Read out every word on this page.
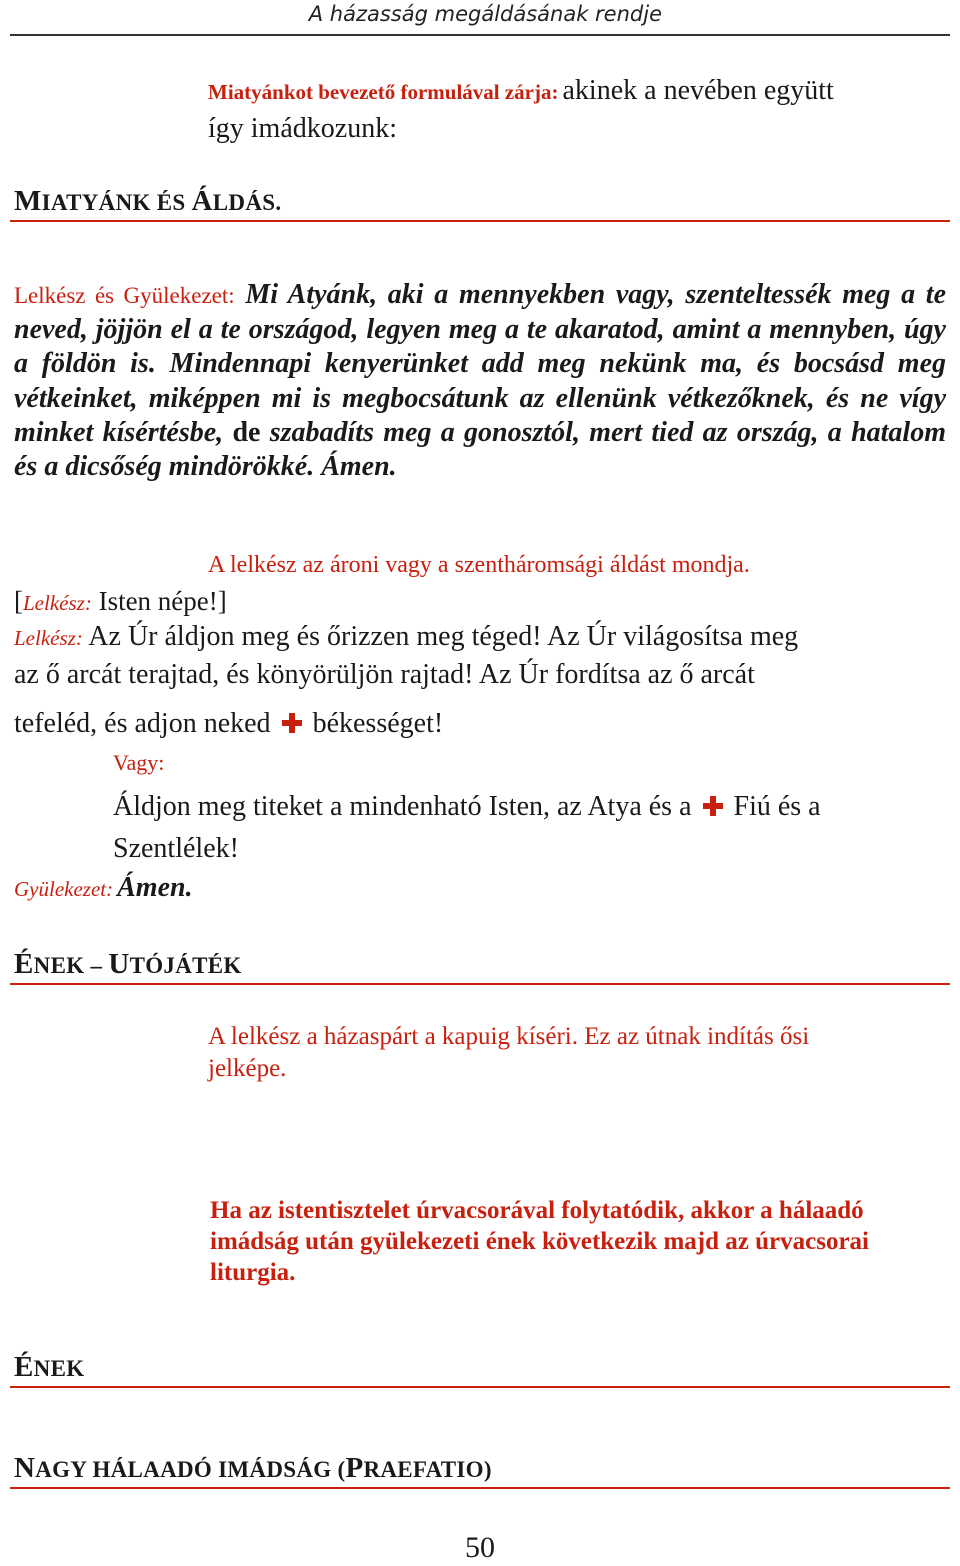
A házasság megáldásának rendje
Miatyánkot bevezető formulával zárja: akinek a nevében együtt
így imádkozunk:
MIATYÁNK ÉS ÁLDÁS.
Lelkész és Gyülekezet: Mi Atyánk, aki a mennyekben vagy, szenteltessék meg a te neved, jöjjön el a te országod, legyen meg a te akaratod, amint a mennyben, úgy a földön is. Mindennapi kenyerünket add meg nekünk ma, és bocsásd meg vétkeinket, miképpen mi is megbocsátunk az ellenünk vétkezőknek, és ne vígy minket kísértésbe, de szabadíts meg a gonosztól, mert tied az ország, a hatalom és a dicsőség mindörökké. Ámen.
A lelkész az ároni vagy a szentháromsági áldást mondja.
[Lelkész: Isten népe!]
Lelkész: Az Úr áldjon meg és őrizzen meg téged! Az Úr világosítsa meg
az ő arcát terajtad, és könyörüljön rajtad! Az Úr fordítsa az ő arcát
tefeléd, és adjon neked békességet!
Vagy:
Áldjon meg titeket a mindenható Isten, az Atya és a Fiú és a
Szentlélek!
Gyülekezet: Ámen.
ÉNEK – UTÓJÁTÉK
A lelkész a házaspárt a kapuig kíséri. Ez az útnak indítás ősi
jelképe.
Ha az istentisztelet úrvacsorával folytatódik, akkor a hálaadó
imádság után gyülekezeti ének következik majd az úrvacsorai
liturgia.
ÉNEK
NAGY HÁLAADÓ IMÁDSÁG (PRAEFATIO)
50
